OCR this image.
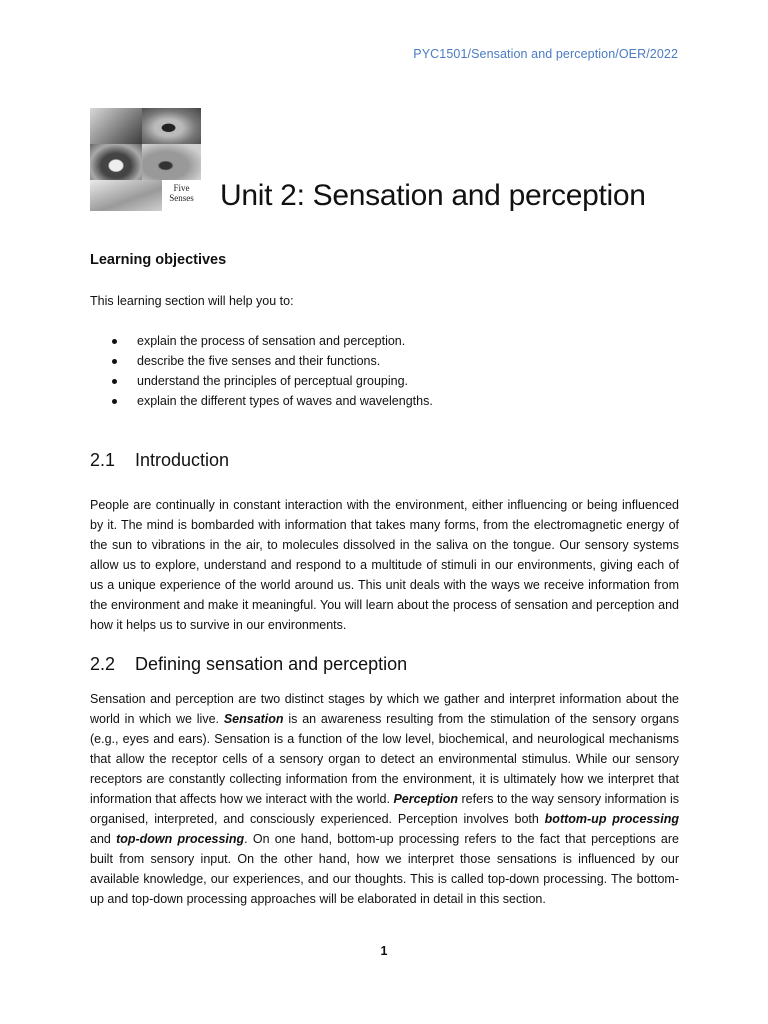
PYC1501/Sensation and perception/OER/2022
Five
Senses Unit 2: Sensation and perception
Learning objectives

This learning section will help you to:

explain the process of sensation and perception.
describe the five senses and their functions.
understand the principles of perceptual grouping.
explain the different types of waves and wavelengths.
2.1 Introduction

People are continually in constant interaction with the environment, either influencing or being influenced by it. The mind is bombarded with information that takes many forms, from the electromagnetic energy of the sun to vibrations in the air, to molecules dissolved in the saliva on the tongue. Our sensory systems allow us to explore, understand and respond to a multitude of stimuli in our environments, giving each of us a unique experience of the world around us. This unit deals with the ways we receive information from the environment and make it meaningful. You will learn about the process of sensation and perception and how it helps us to survive in our environments.

2.2 Defining sensation and perception

Sensation and perception are two distinct stages by which we gather and interpret information about the world in which we live. Sensation is an awareness resulting from the stimulation of the sensory organs (e.g., eyes and ears). Sensation is a function of the low level, biochemical, and neurological mechanisms that allow the receptor cells of a sensory organ to detect an environmental stimulus. While our sensory receptors are constantly collecting information from the environment, it is ultimately how we interpret that information that affects how we interact with the world. Perception refers to the way sensory information is organised, interpreted, and consciously experienced. Perception involves both bottom-up processing and top-down processing. On one hand, bottom-up processing refers to the fact that perceptions are built from sensory input. On the other hand, how we interpret those sensations is influenced by our available knowledge, our experiences, and our thoughts. This is called top-down processing. The bottom-up and top-down processing approaches will be elaborated in detail in this section.

1
